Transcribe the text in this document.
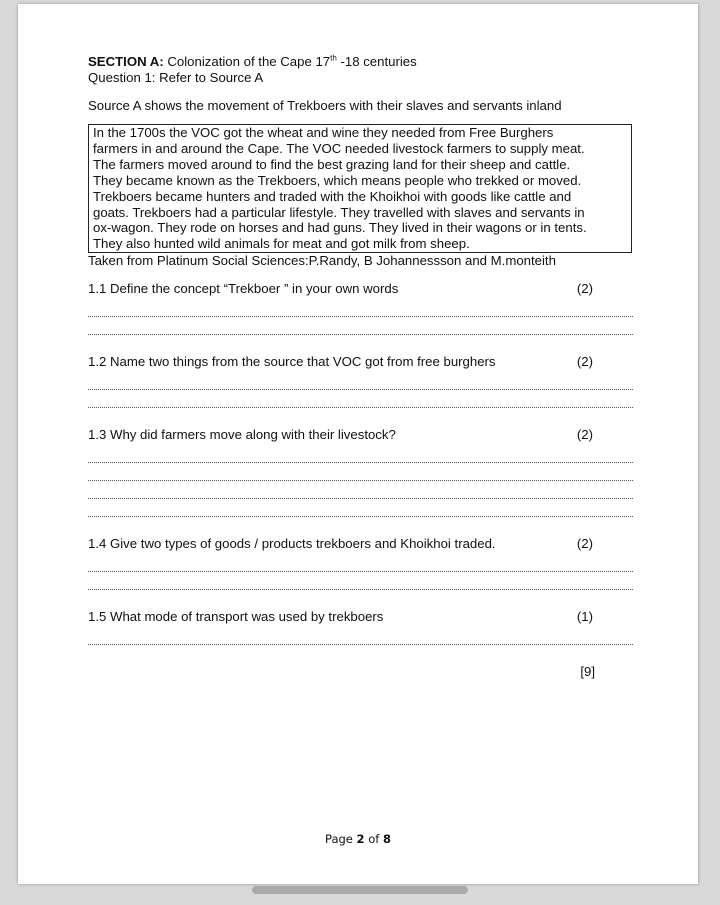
SECTION A: Colonization of the Cape 17th -18 centuries

Question 1: Refer to Source A

Source A shows the movement of Trekboers with their slaves and servants inland

In the 1700s the VOC got the wheat and wine they needed from Free Burghers

farmers in and around the Cape. The VOC needed livestock farmers to supply meat.

The farmers moved around to find the best grazing land for their sheep and cattle.

They became known as the Trekboers, which means people who trekked or moved.

Trekboers became hunters and traded with the Khoikhoi with goods like cattle and

goats. Trekboers had a particular lifestyle. They travelled with slaves and servants in

ox-wagon. They rode on horses and had guns. They lived in their wagons or in tents.

They also hunted wild animals for meat and got milk from sheep.

Taken from Platinum Social Sciences:P.Randy, B Johannessson and M.monteith

1.1 Define the concept “Trekboer ” in your own words	(2)

1.2 Name two things from the source that VOC got from free burghers	(2)

1.3 Why did farmers move along with their livestock?	(2)

1.4 Give two types of goods / products trekboers and Khoikhoi traded.	(2)

1.5 What mode of transport was used by trekboers	(1)

[9]

Page 2 of 8
